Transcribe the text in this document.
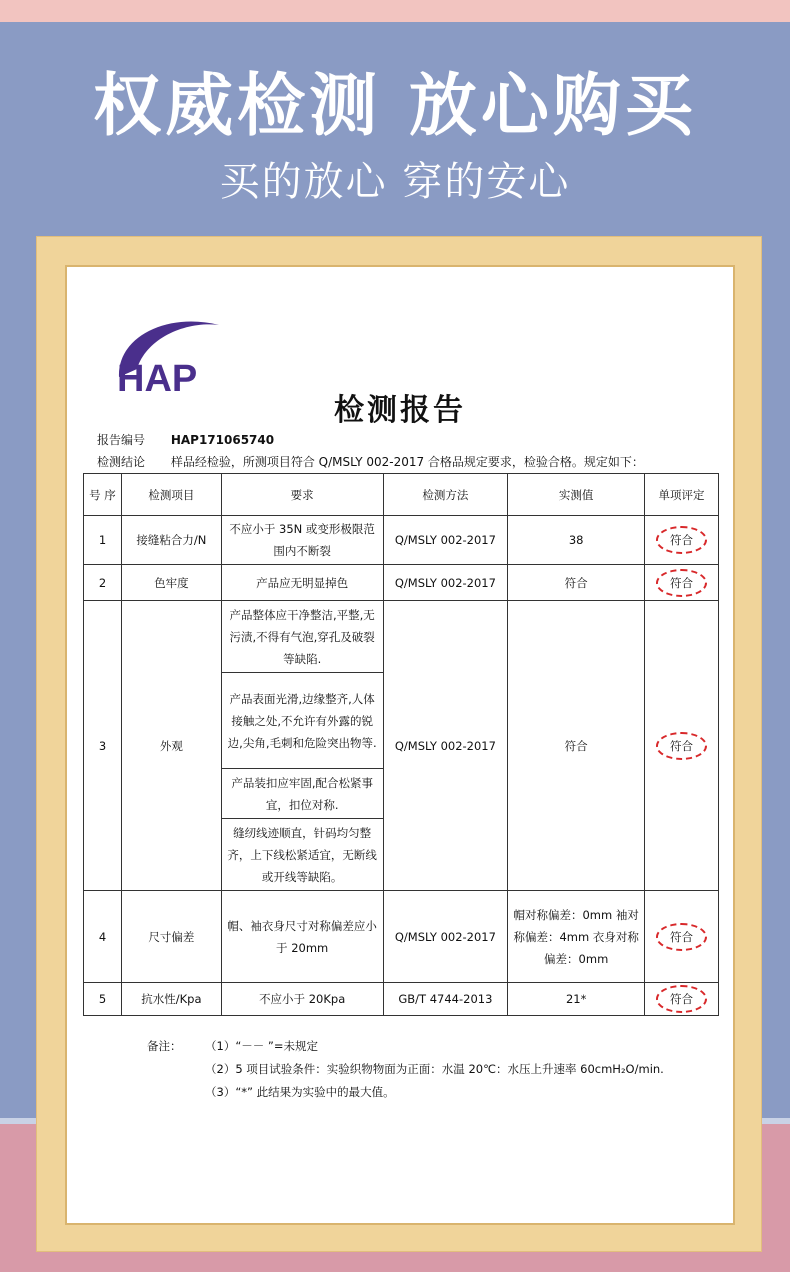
权威检测 放心购买
买的放心 穿的安心
HAP
检测报告
报告编号 HAP171065740
检测结论 样品经检验，所测项目符合 Q/MSLY 002-2017 合格品规定要求，检验合格。规定如下：
号 序	检测项目	要求	检测方法	实测值	单项评定
1	接缝粘合力/N	不应小于 35N 或变形极限范围内不断裂	Q/MSLY 002-2017	38	符合
2	色牢度	产品应无明显掉色	Q/MSLY 002-2017	符合	符合
3	外观	产品整体应干净整洁,平整,无污渍,不得有气泡,穿孔及破裂等缺陷.	Q/MSLY 002-2017	符合	符合
		产品表面光滑,边缘整齐,人体接触之处,不允许有外露的锐边,尖角,毛刺和危险突出物等.			
		产品装扣应牢固,配合松紧事宜，扣位对称.			
		缝纫线迹顺直，针码均匀整齐，上下线松紧适宜，无断线或开线等缺陷。			
4	尺寸偏差	帽、袖衣身尺寸对称偏差应小于 20mm	Q/MSLY 002-2017	帽对称偏差：0mm 袖对称偏差：4mm 衣身对称偏差：0mm	符合
5	抗水性/Kpa	不应小于 20Kpa	GB/T 4744-2013	21*	符合
备注： （1）“－－ ”=未规定
（2）5 项目试验条件：实验织物物面为正面：水温 20℃：水压上升速率 60cmH₂O/min.
（3）“*” 此结果为实验中的最大值。
